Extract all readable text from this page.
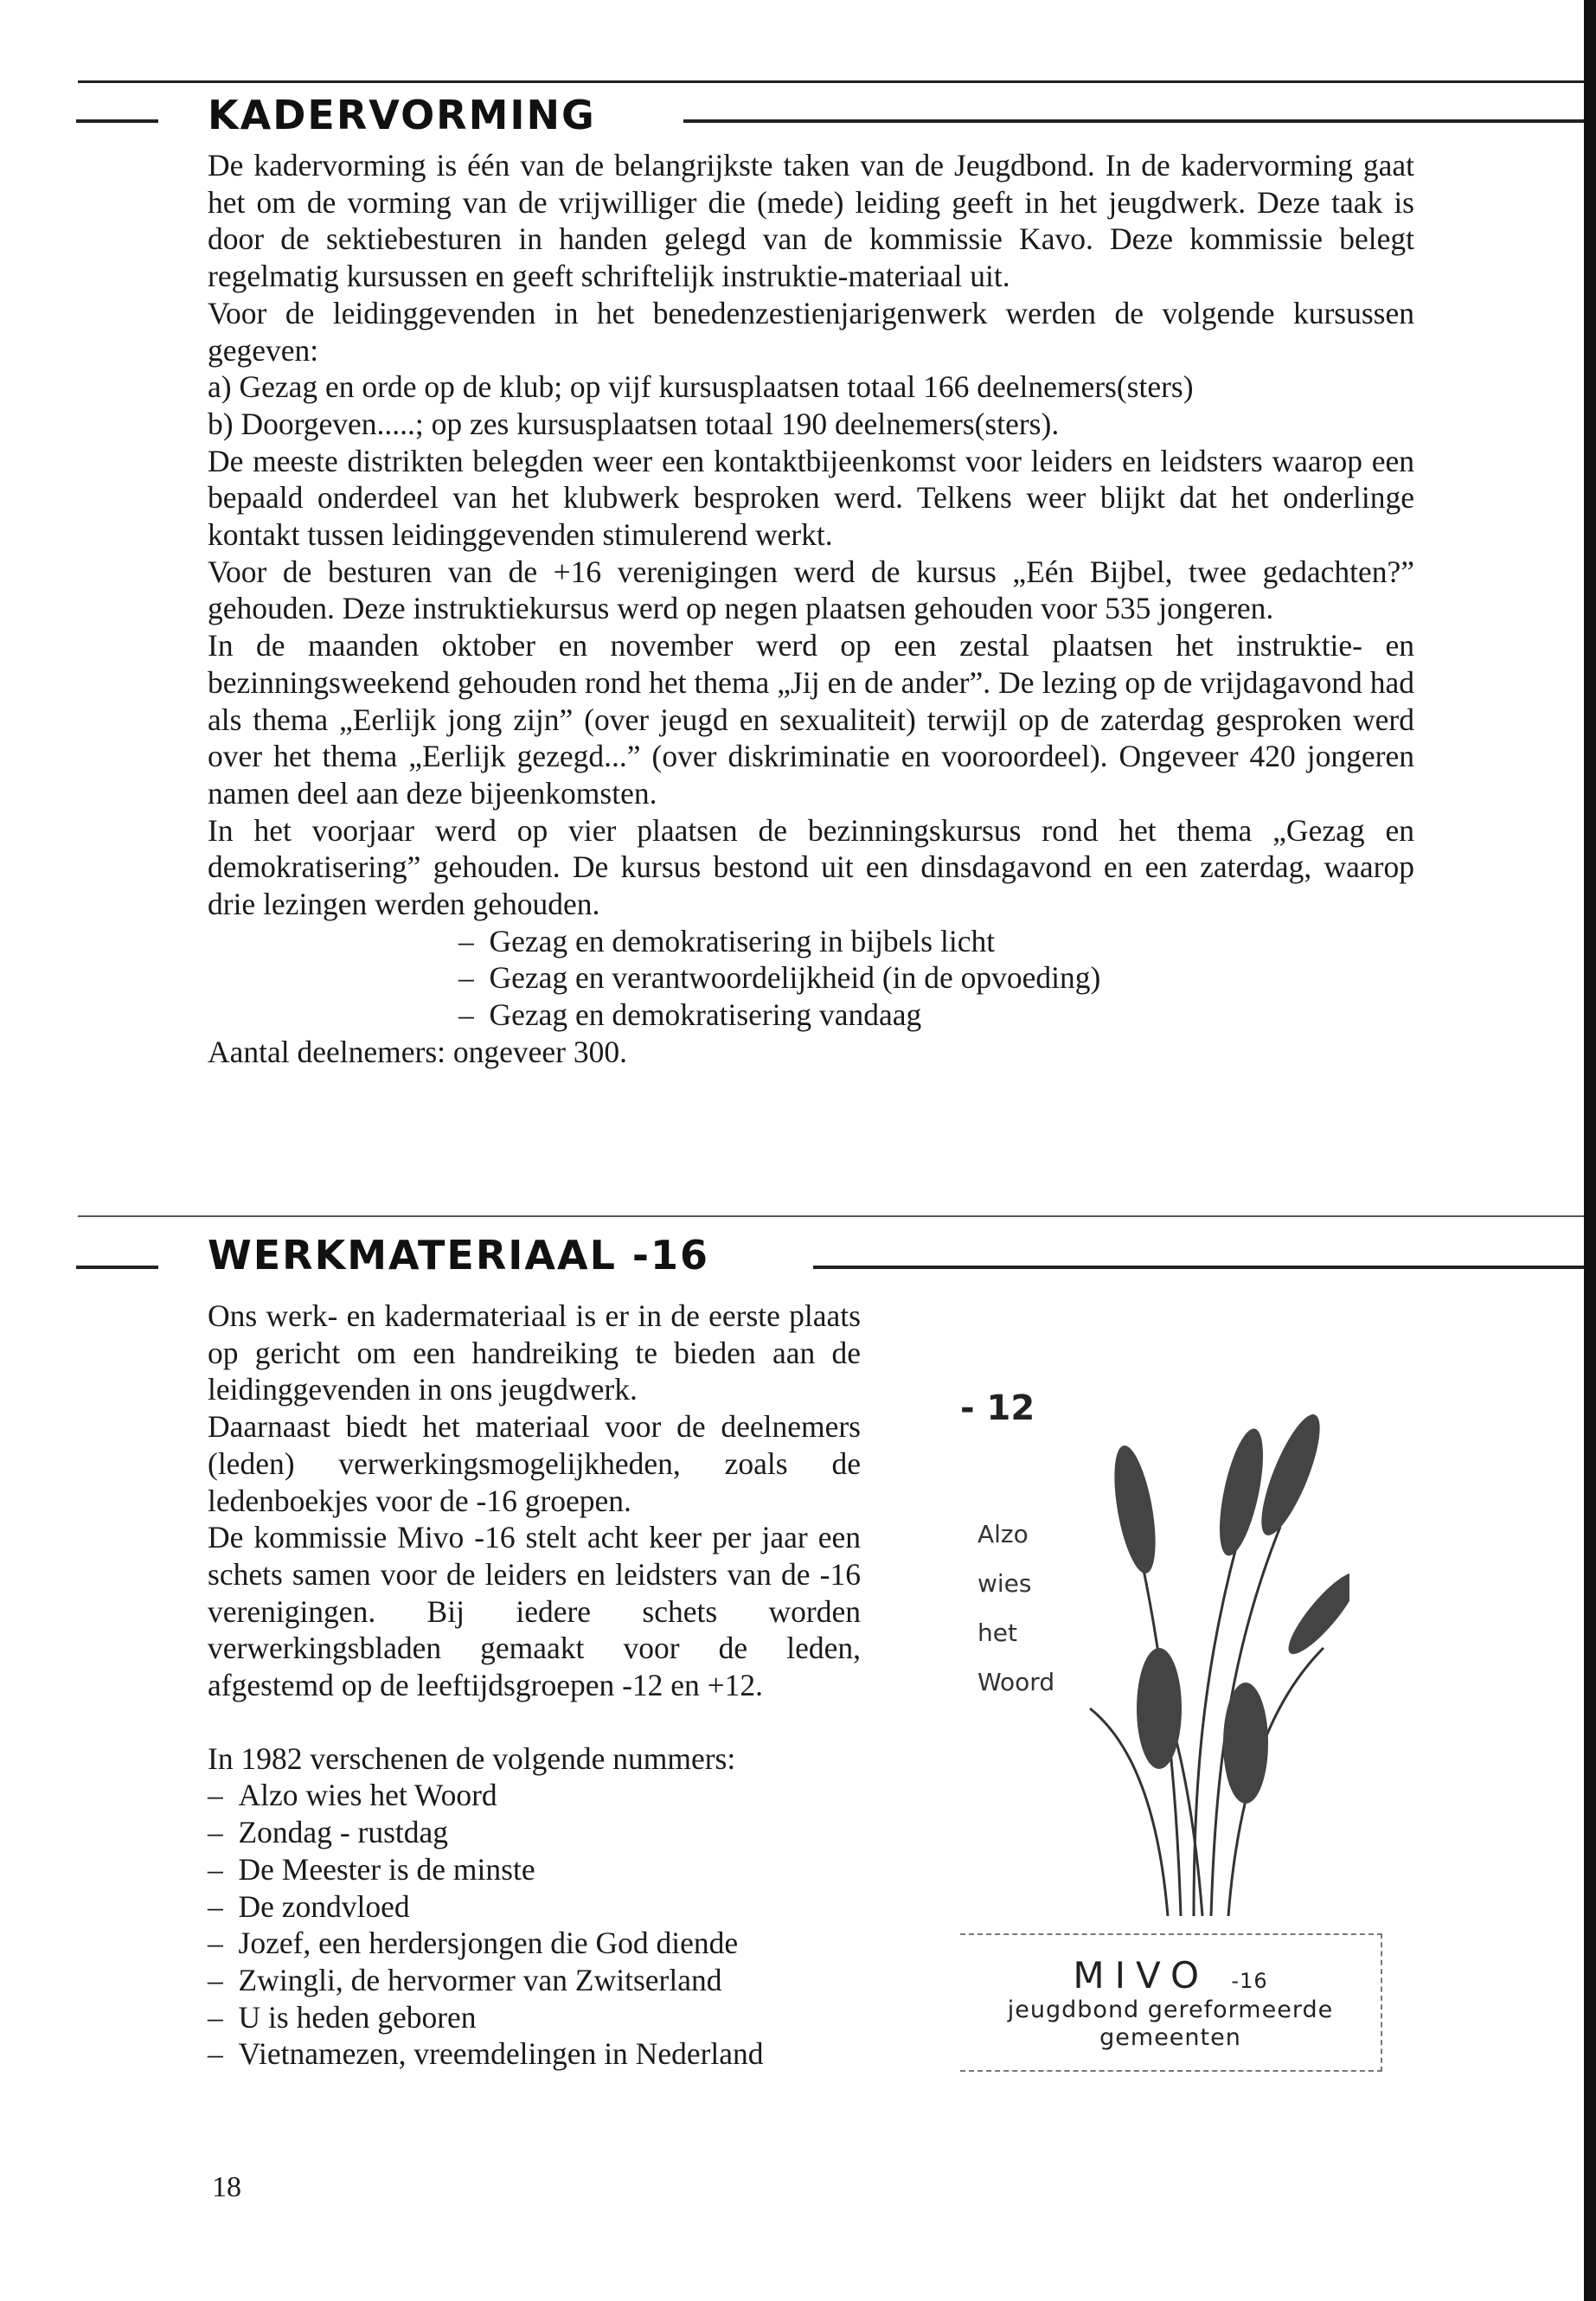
KADERVORMING

De kadervorming is één van de belangrijkste taken van de Jeugdbond. In de kadervorming gaat het om de vorming van de vrijwilliger die (mede) leiding geeft in het jeugdwerk. Deze taak is door de sektiebesturen in handen gelegd van de kommissie Kavo. Deze kommissie belegt regelmatig kursussen en geeft schriftelijk instruktie-materiaal uit.

Voor de leidinggevenden in het benedenzestienjarigenwerk werden de volgende kursussen gegeven:

a) Gezag en orde op de klub; op vijf kursusplaatsen totaal 166 deelnemers(sters)

b) Doorgeven.....; op zes kursusplaatsen totaal 190 deelnemers(sters).

De meeste distrikten belegden weer een kontaktbijeenkomst voor leiders en leidsters waarop een bepaald onderdeel van het klubwerk besproken werd. Telkens weer blijkt dat het onderlinge kontakt tussen leidinggevenden stimulerend werkt.

Voor de besturen van de +16 verenigingen werd de kursus „Eén Bijbel, twee gedachten?” gehouden. Deze instruktiekursus werd op negen plaatsen gehouden voor 535 jongeren.

In de maanden oktober en november werd op een zestal plaatsen het instruktie- en bezinningsweekend gehouden rond het thema „Jij en de ander”. De lezing op de vrijdagavond had als thema „Eerlijk jong zijn” (over jeugd en sexualiteit) terwijl op de zaterdag gesproken werd over het thema „Eerlijk gezegd...” (over diskriminatie en vooroordeel). Ongeveer 420 jongeren namen deel aan deze bijeenkomsten.

In het voorjaar werd op vier plaatsen de bezinningskursus rond het thema „Gezag en demokratisering” gehouden. De kursus bestond uit een dinsdagavond en een zaterdag, waarop drie lezingen werden gehouden.

–  Gezag en demokratisering in bijbels licht
–  Gezag en verantwoordelijkheid (in de opvoeding)
–  Gezag en demokratisering vandaag

Aantal deelnemers: ongeveer 300.

WERKMATERIAAL -16

Ons werk- en kadermateriaal is er in de eerste plaats op gericht om een handreiking te bieden aan de leidinggevenden in ons jeugdwerk.

Daarnaast biedt het materiaal voor de deelnemers (leden) verwerkingsmogelijkheden, zoals de ledenboekjes voor de -16 groepen.

De kommissie Mivo -16 stelt acht keer per jaar een schets samen voor de leiders en leidsters van de -16 verenigingen. Bij iedere schets worden verwerkingsbladen gemaakt voor de leden, afgestemd op de leeftijdsgroepen -12 en +12.

In 1982 verschenen de volgende nummers:

–  Alzo wies het Woord
–  Zondag - rustdag
–  De Meester is de minste
–  De zondvloed
–  Jozef, een herdersjongen die God diende
–  Zwingli, de hervormer van Zwitserland
–  U is heden geboren
–  Vietnamezen, vreemdelingen in Nederland
- 12
Alzo
wies
het
Woord
MIVO -16
jeugdbond gereformeerde
gemeenten

18
